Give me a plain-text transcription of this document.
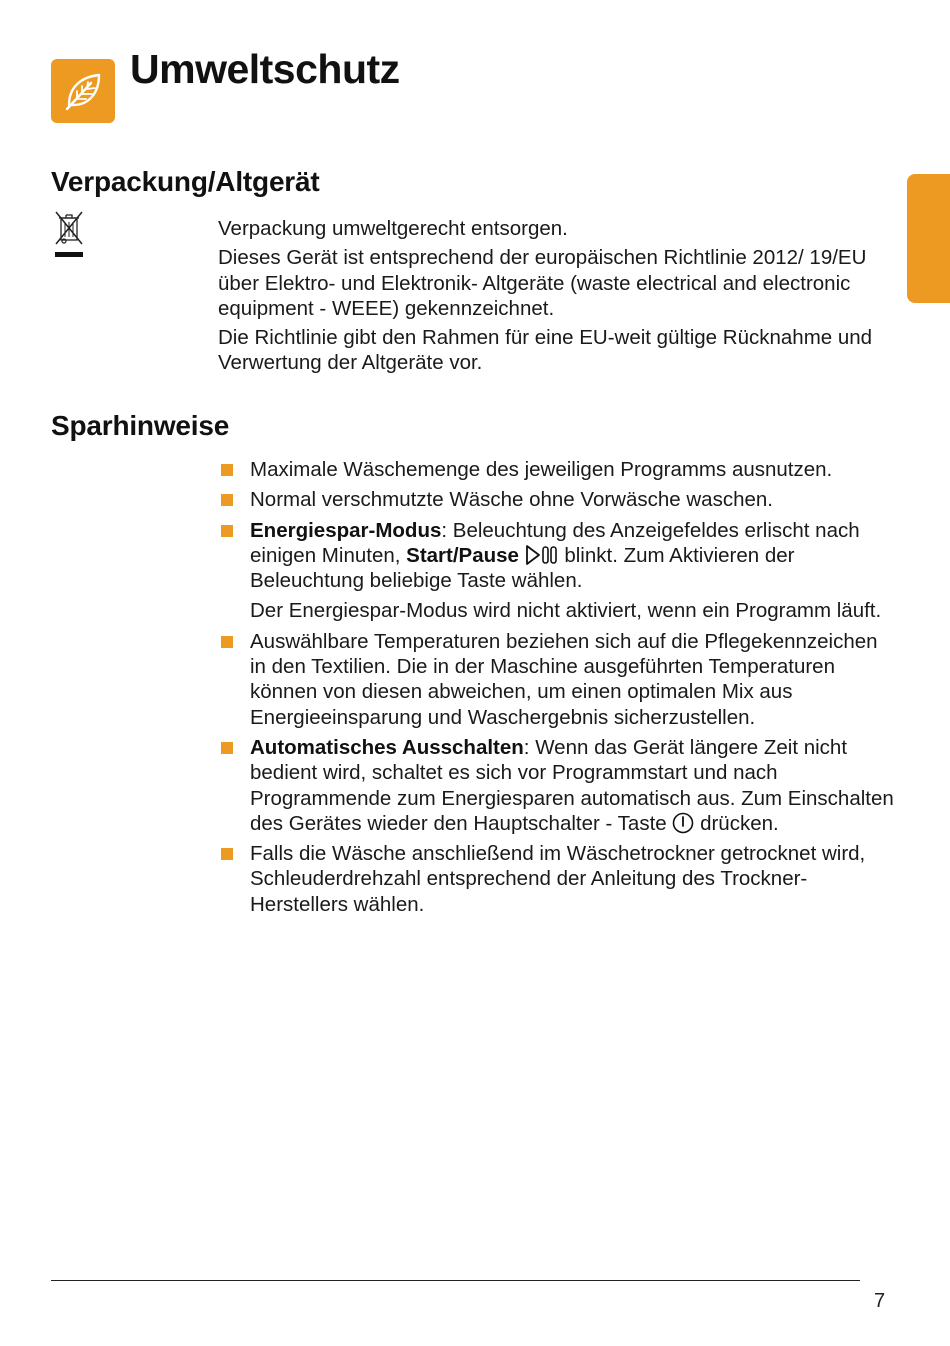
Umweltschutz
Verpackung/Altgerät

Verpackung umweltgerecht entsorgen.

Dieses Gerät ist entsprechend der europäischen Richtlinie 2012/ 19/EU über Elektro- und Elektronik- Altgeräte (waste electrical and electronic equipment - WEEE) gekennzeichnet.

Die Richtlinie gibt den Rahmen für eine EU-weit gültige Rücknahme und Verwertung der Altgeräte vor.

Sparhinweise

Maximale Wäschemenge des jeweiligen Programms ausnutzen.

Normal verschmutzte Wäsche ohne Vorwäsche waschen.

Energiespar-Modus: Beleuchtung des Anzeigefeldes erlischt nach einigen Minuten, Start/Pause  blinkt. Zum Aktivieren der Beleuchtung beliebige Taste wählen.

Der Energiespar-Modus wird nicht aktiviert, wenn ein Programm läuft.

Auswählbare Temperaturen beziehen sich auf die Pflegekennzeichen in den Textilien. Die in der Maschine ausgeführten Temperaturen können von diesen abweichen, um einen optimalen Mix aus Energieeinsparung und Waschergebnis sicherzustellen.

Automatisches Ausschalten: Wenn das Gerät längere Zeit nicht bedient wird, schaltet es sich vor Programmstart und nach Programmende zum Energiesparen automatisch aus. Zum Einschalten des Gerätes wieder den Hauptschalter - Taste  drücken.

Falls die Wäsche anschließend im Wäschetrockner getrocknet wird, Schleuderdrehzahl entsprechend der Anleitung des Trockner-Herstellers wählen.

7
